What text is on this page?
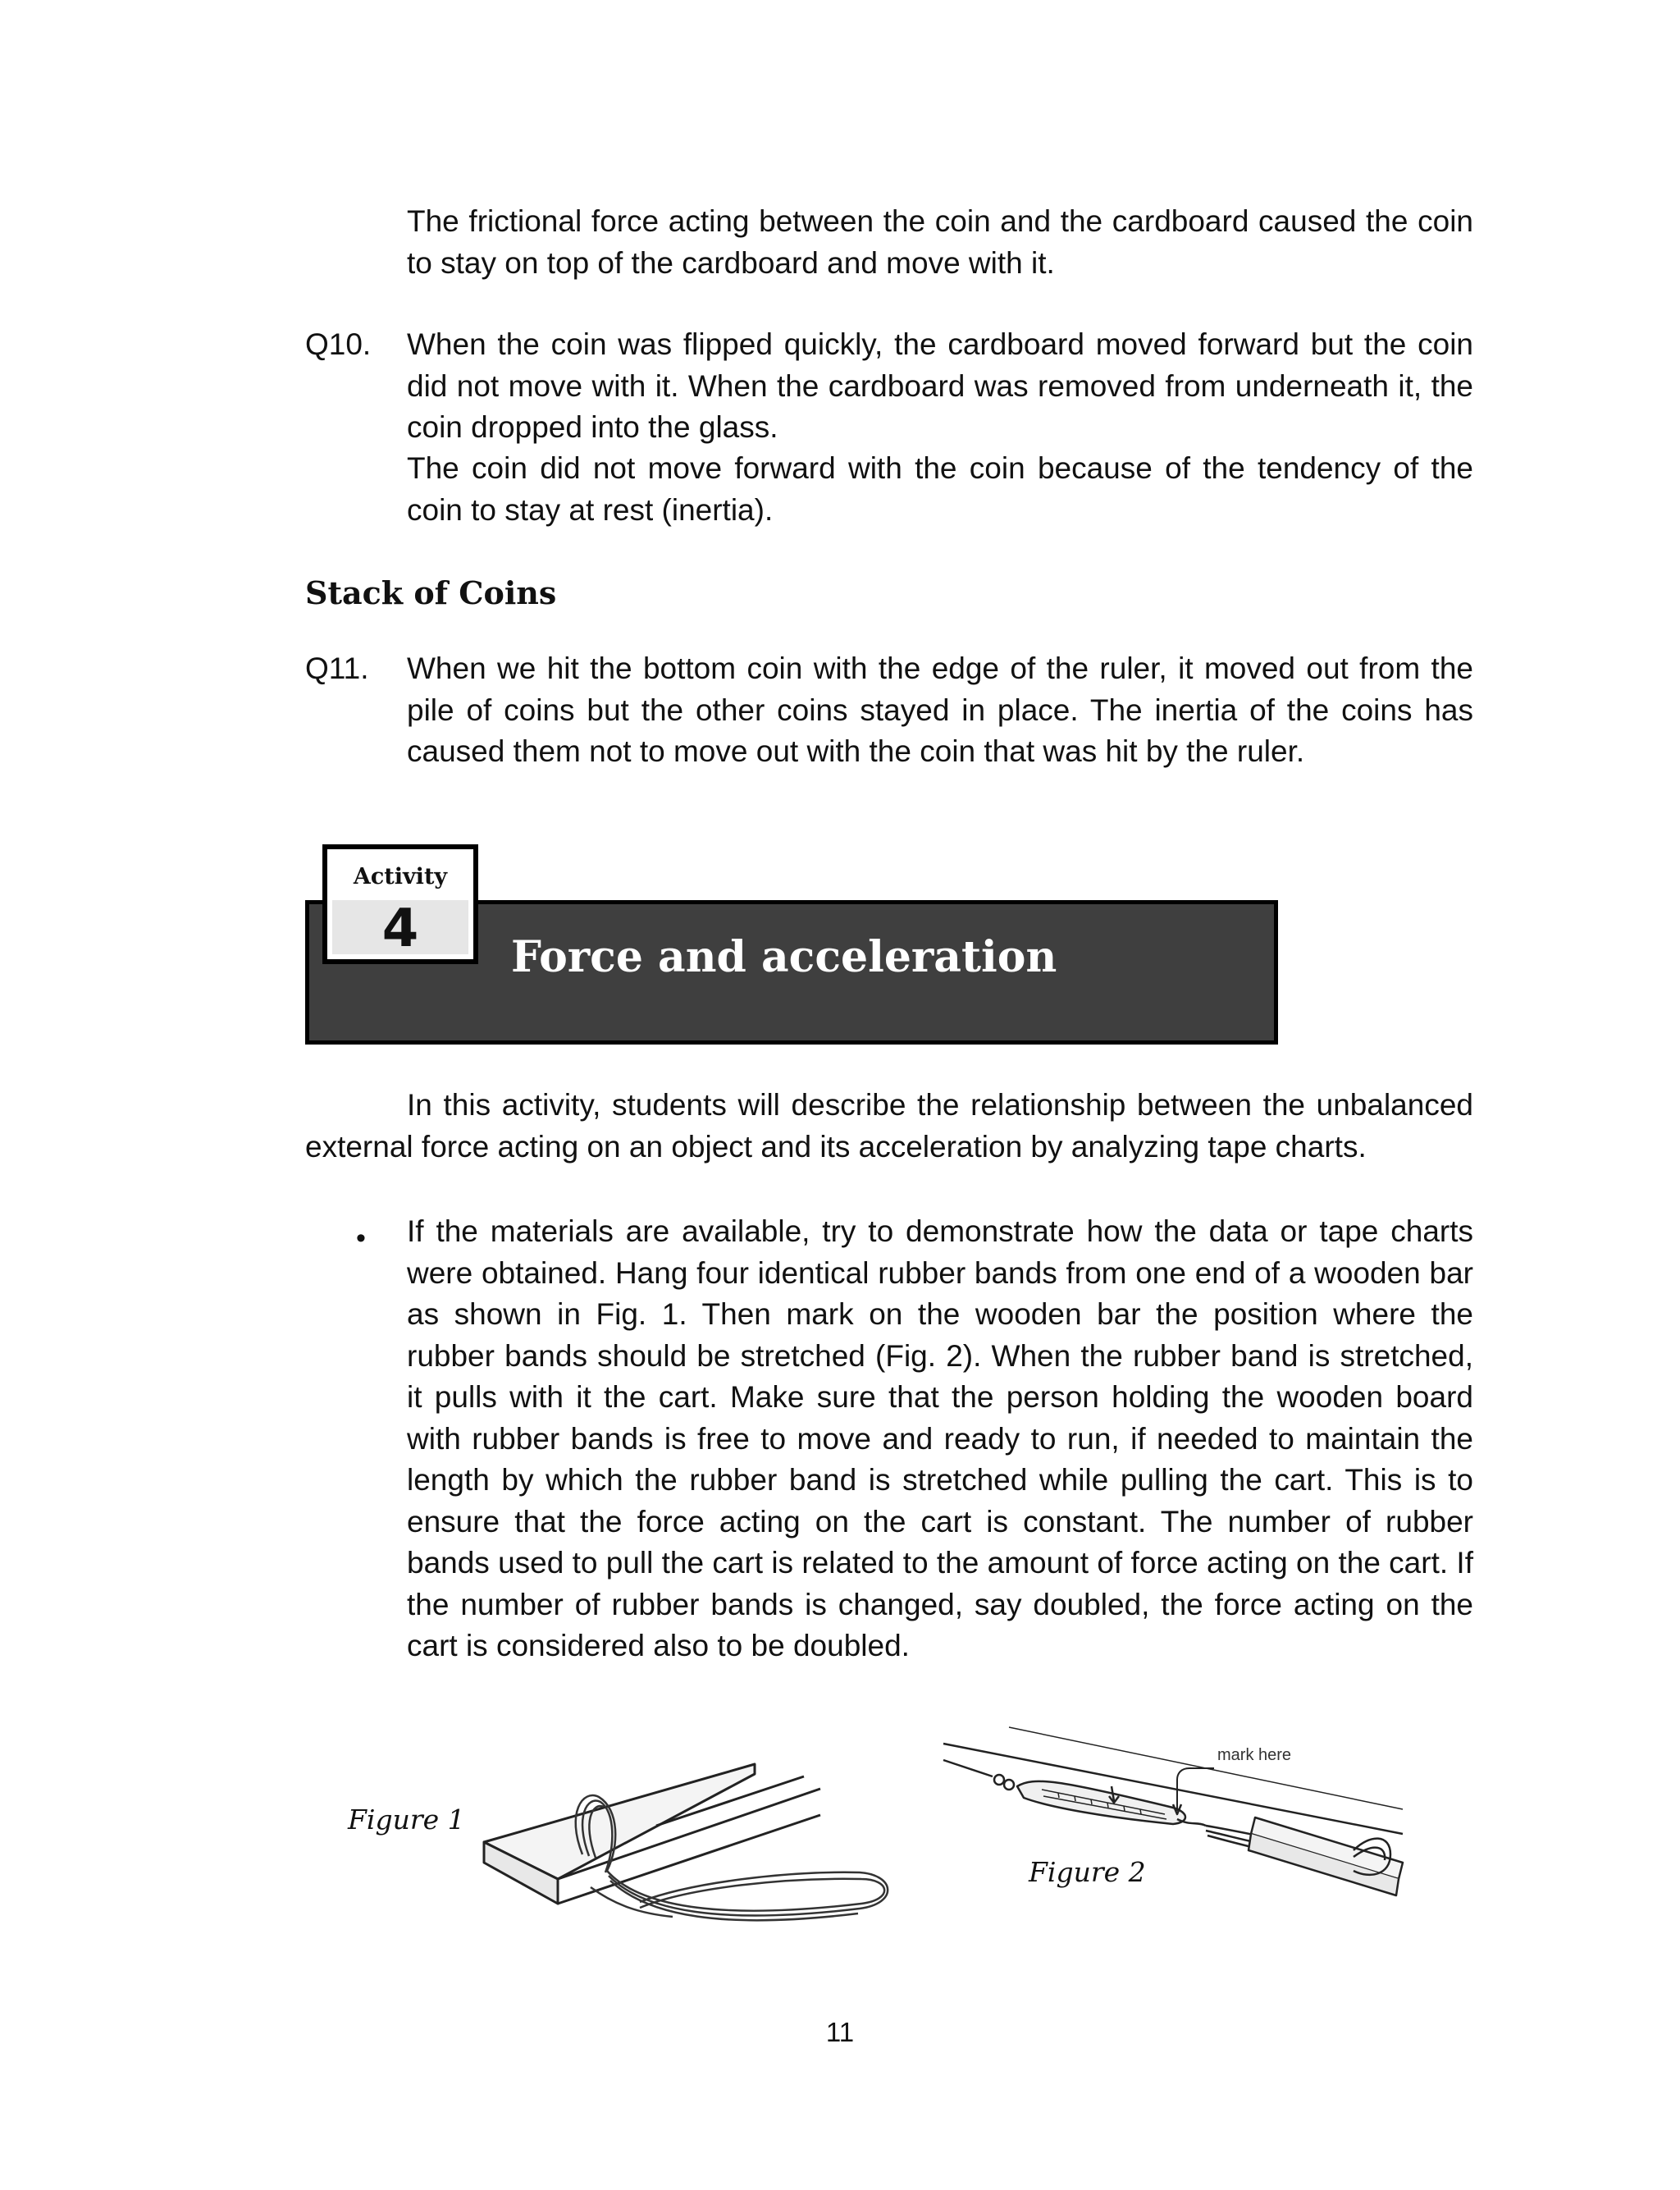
The frictional force acting between the coin and the cardboard caused the coin to stay on top of the cardboard and move with it.

Q10. When the coin was flipped quickly, the cardboard moved forward but the coin did not move with it. When the cardboard was removed from underneath it, the coin dropped into the glass.

The coin did not move forward with the coin because of the tendency of the coin to stay at rest (inertia).

Stack of Coins

Q11. When we hit the bottom coin with the edge of the ruler, it moved out from the pile of coins but the other coins stayed in place. The inertia of the coins has caused them not to move out with the coin that was hit by the ruler.

Force and acceleration

Activity
4

In this activity, students will describe the relationship between the unbalanced external force acting on an object and its acceleration by analyzing tape charts.

• If the materials are available, try to demonstrate how the data or tape charts were obtained. Hang four identical rubber bands from one end of a wooden bar as shown in Fig. 1. Then mark on the wooden bar the position where the rubber bands should be stretched (Fig. 2). When the rubber band is stretched, it pulls with it the cart. Make sure that the person holding the wooden board with rubber bands is free to move and ready to run, if needed to maintain the length by which the rubber band is stretched while pulling the cart. This is to ensure that the force acting on the cart is constant. The number of rubber bands used to pull the cart is related to the amount of force acting on the cart. If the number of rubber bands is changed, say doubled, the force acting on the cart is considered also to be doubled.

Figure 1

mark here

Figure 2

11
